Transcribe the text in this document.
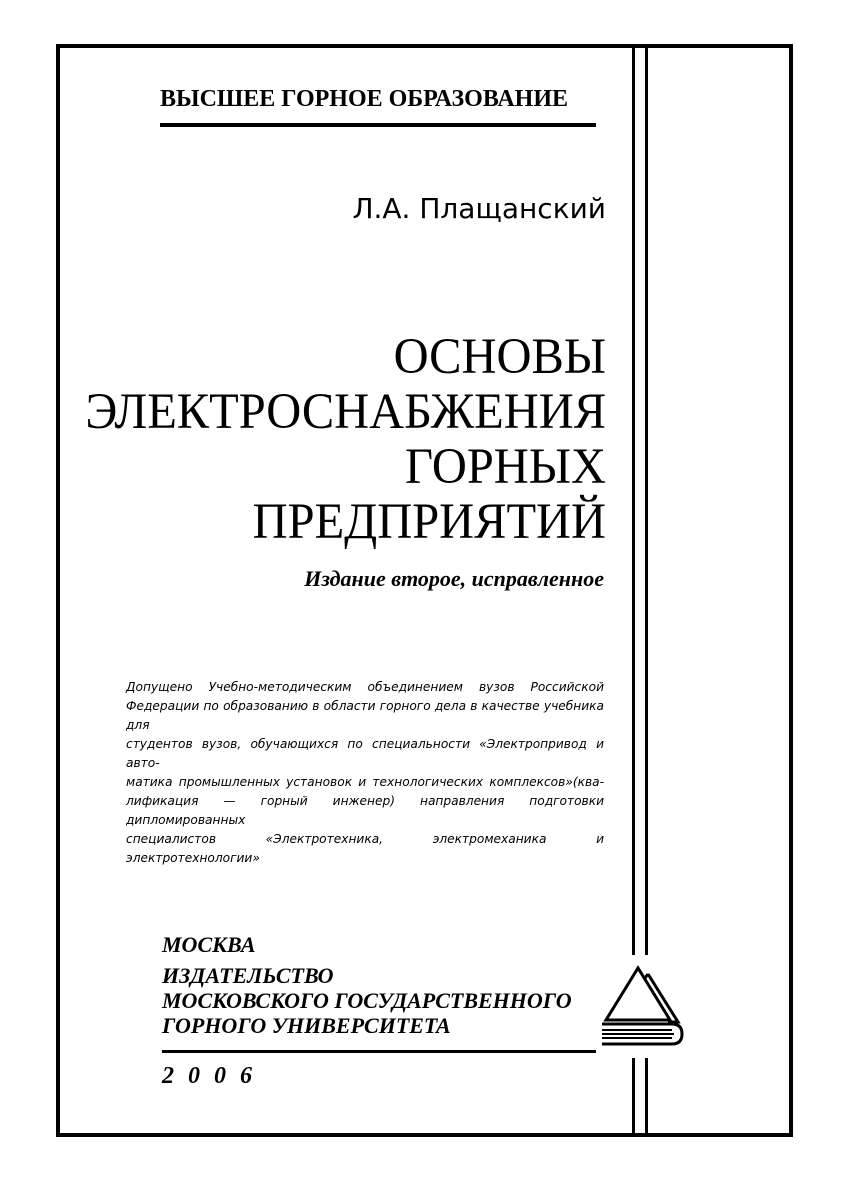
ВЫСШЕЕ ГОРНОЕ ОБРАЗОВАНИЕ

Л.А. Плащанский

ОСНОВЫ
ЭЛЕКТРОСНАБЖЕНИЯ
ГОРНЫХ
ПРЕДПРИЯТИЙ

Издание второе, исправленное

Допущено Учебно-методическим объединением вузов Российской
Федерации по образованию в области горного дела в качестве учебника для
студентов вузов, обучающихся по специальности «Электропривод и авто-
матика промышленных установок и технологических комплексов»(ква-
лификация — горный инженер) направления подготовки дипломированных
специалистов «Электротехника, электромеханика и электротехнологии»

МОСКВА

ИЗДАТЕЛЬСТВО
МОСКОВСКОГО ГОСУДАРСТВЕННОГО
ГОРНОГО УНИВЕРСИТЕТА

2006
